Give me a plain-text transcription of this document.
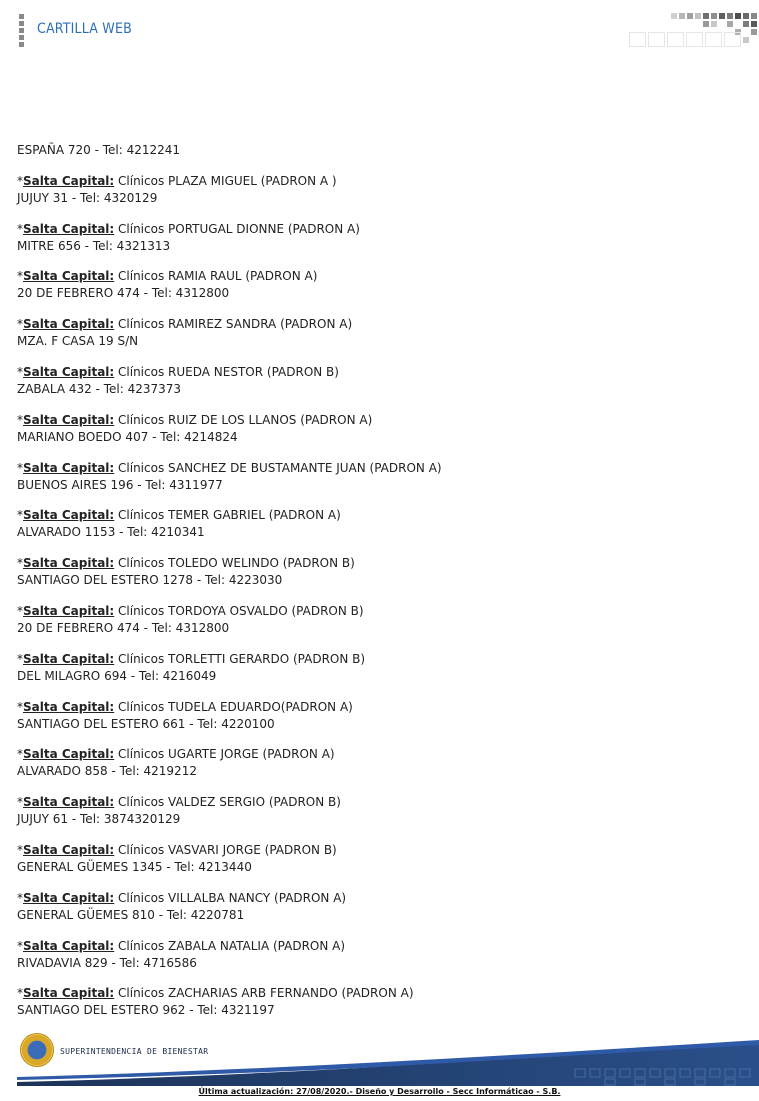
CARTILLA WEB

ESPAÑA 720 - Tel: 4212241

*Salta Capital: Clínicos PLAZA MIGUEL (PADRON A )

JUJUY 31 - Tel: 4320129

*Salta Capital: Clínicos PORTUGAL DIONNE (PADRON A)

MITRE 656 - Tel: 4321313

*Salta Capital: Clínicos RAMIA RAUL (PADRON A)

20 DE FEBRERO 474 - Tel: 4312800

*Salta Capital: Clínicos RAMIREZ SANDRA (PADRON A)

MZA. F CASA 19 S/N

*Salta Capital: Clínicos RUEDA NESTOR (PADRON B)

ZABALA 432 - Tel: 4237373

*Salta Capital: Clínicos RUIZ DE LOS LLANOS (PADRON A)

MARIANO BOEDO 407 - Tel: 4214824

*Salta Capital: Clínicos SANCHEZ DE BUSTAMANTE JUAN (PADRON A)

BUENOS AIRES 196 - Tel: 4311977

*Salta Capital: Clínicos TEMER GABRIEL (PADRON A)

ALVARADO 1153 - Tel: 4210341

*Salta Capital: Clínicos TOLEDO WELINDO (PADRON B)

SANTIAGO DEL ESTERO 1278 - Tel: 4223030

*Salta Capital: Clínicos TORDOYA OSVALDO (PADRON B)

20 DE FEBRERO 474 - Tel: 4312800

*Salta Capital: Clínicos TORLETTI GERARDO (PADRON B)

DEL MILAGRO 694 - Tel: 4216049

*Salta Capital: Clínicos TUDELA EDUARDO(PADRON A)

SANTIAGO DEL ESTERO 661 - Tel: 4220100

*Salta Capital: Clínicos UGARTE JORGE (PADRON A)

ALVARADO 858 - Tel: 4219212

*Salta Capital: Clínicos VALDEZ SERGIO (PADRON B)

JUJUY 61 - Tel: 3874320129

*Salta Capital: Clínicos VASVARI JORGE (PADRON B)

GENERAL GÜEMES 1345 - Tel: 4213440

*Salta Capital: Clínicos VILLALBA NANCY (PADRON A)

GENERAL GÜEMES 810 - Tel: 4220781

*Salta Capital: Clínicos ZABALA NATALIA (PADRON A)

RIVADAVIA 829 - Tel: 4716586

*Salta Capital: Clínicos ZACHARIAS ARB FERNANDO (PADRON A)

SANTIAGO DEL ESTERO 962 - Tel: 4321197

SUPERINTENDENCIA DE BIENESTAR
Última actualización: 27/08/2020.- Diseño y Desarrollo - Secc Informáticao - S.B.
